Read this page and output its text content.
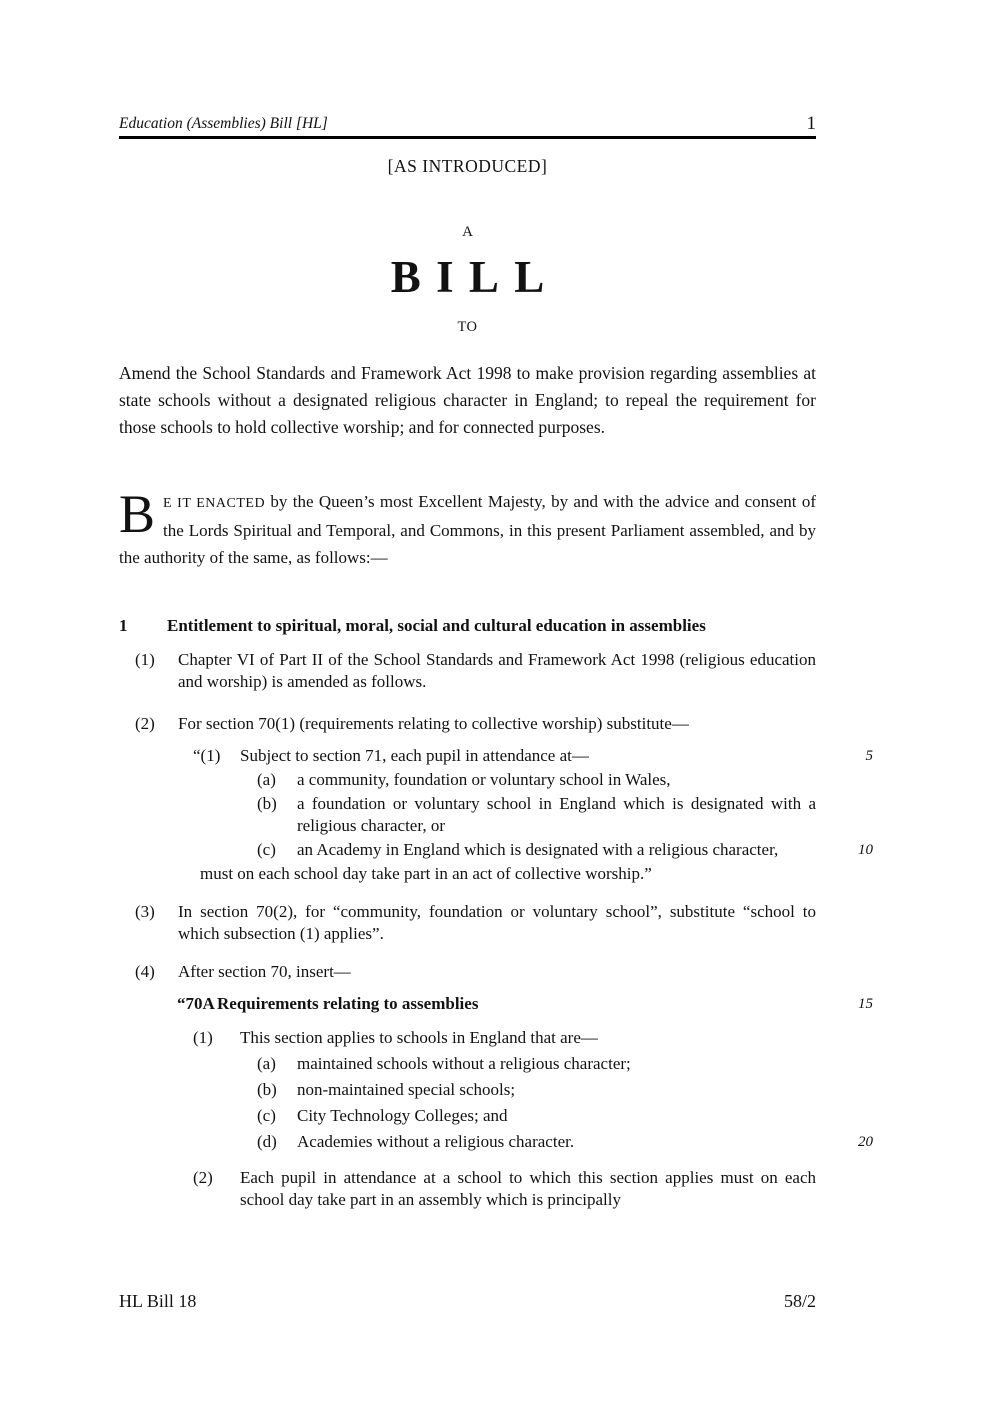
Education (Assemblies) Bill [HL]	1
[AS INTRODUCED]
A
BILL
TO

Amend the School Standards and Framework Act 1998 to make provision regarding assemblies at state schools without a designated religious character in England; to repeal the requirement for those schools to hold collective worship; and for connected purposes.

B E IT ENACTED by the Queen’s most Excellent Majesty, by and with the advice and consent of the Lords Spiritual and Temporal, and Commons, in this present Parliament assembled, and by the authority of the same, as follows:—

1 Entitlement to spiritual, moral, social and cultural education in assemblies
(1) Chapter VI of Part II of the School Standards and Framework Act 1998 (religious education and worship) is amended as follows.
(2) For section 70(1) (requirements relating to collective worship) substitute—
“(1) Subject to section 71, each pupil in attendance at—	5
(a) a community, foundation or voluntary school in Wales,
(b) a foundation or voluntary school in England which is designated with a religious character, or
(c) an Academy in England which is designated with a religious character,	10
must on each school day take part in an act of collective worship.”
(3) In section 70(2), for “community, foundation or voluntary school”, substitute “school to which subsection (1) applies”.
(4) After section 70, insert—
“70A Requirements relating to assemblies	15
(1) This section applies to schools in England that are—
(a) maintained schools without a religious character;
(b) non-maintained special schools;
(c) City Technology Colleges; and
(d) Academies without a religious character.	20
(2) Each pupil in attendance at a school to which this section applies must on each school day take part in an assembly which is principally
HL Bill 18	58/2
